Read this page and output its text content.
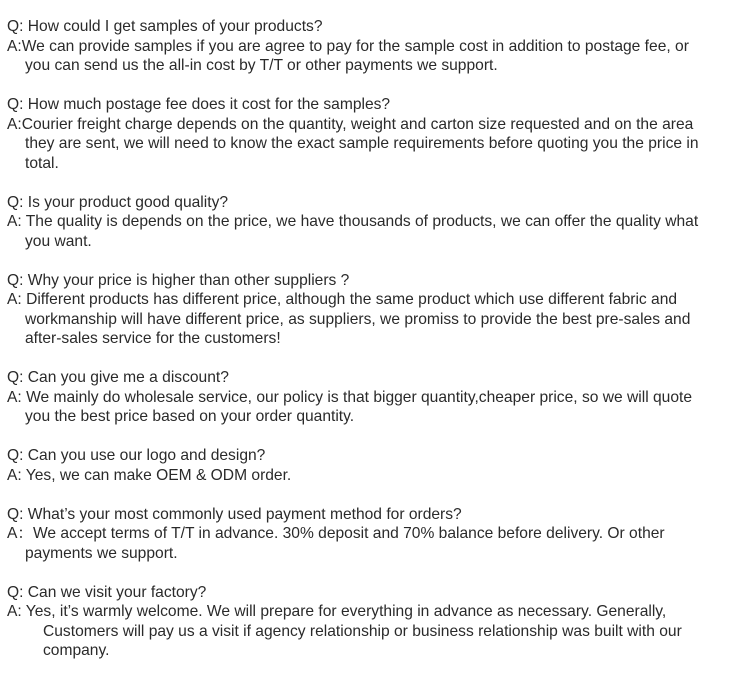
Q: How could I get samples of your products?

A:We can provide samples if you are agree to pay for the sample cost in addition to postage fee, or

you can send us the all-in cost by T/T or other payments we support.

Q: How much postage fee does it cost for the samples?

A:Courier freight charge depends on the quantity, weight and carton size requested and on the area

they are sent, we will need to know the exact sample requirements before quoting you the price in

total.

Q: Is your product good quality?

A: The quality is depends on the price, we have thousands of products, we can offer the quality what

you want.

Q: Why your price is higher than other suppliers ?

A: Different products has different price, although the same product which use different fabric and

workmanship will have different price, as suppliers, we promiss to provide the best pre-sales and

after-sales service for the customers!

Q: Can you give me a discount?

A: We mainly do wholesale service, our policy is that bigger quantity,cheaper price, so we will quote

you the best price based on your order quantity.

Q: Can you use our logo and design?

A: Yes, we can make OEM & ODM order.

Q: What’s your most commonly used payment method for orders?

A：We accept terms of T/T in advance. 30% deposit and 70% balance before delivery. Or other

payments we support.

Q: Can we visit your factory?

A: Yes, it’s warmly welcome. We will prepare for everything in advance as necessary. Generally,

Customers will pay us a visit if agency relationship or business relationship was built with our

company.
